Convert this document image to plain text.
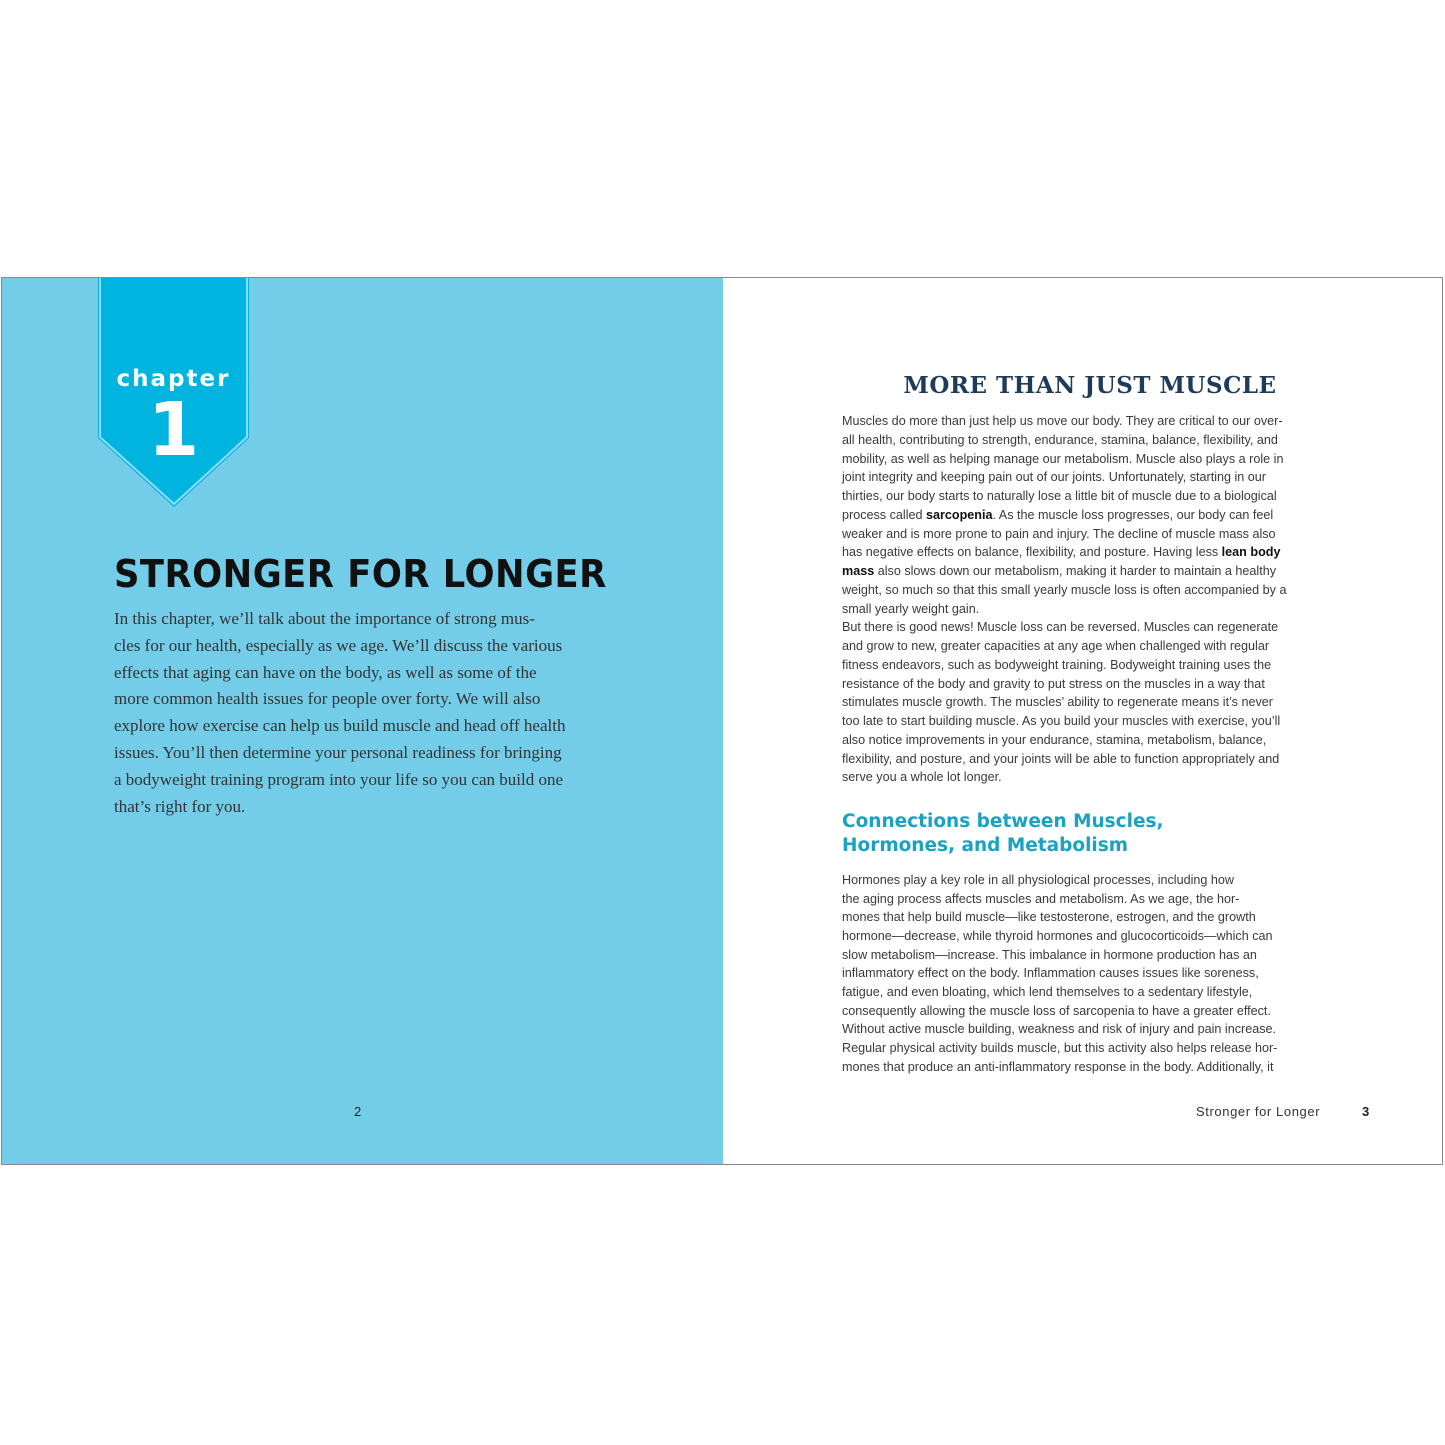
chapter
1
STRONGER FOR LONGER
In this chapter, we’ll talk about the importance of strong mus-
cles for our health, especially as we age. We’ll discuss the various
effects that aging can have on the body, as well as some of the
more common health issues for people over forty. We will also
explore how exercise can help us build muscle and head off health
issues. You’ll then determine your personal readiness for bringing
a bodyweight training program into your life so you can build one
that’s right for you.
2
MORE THAN JUST MUSCLE
Muscles do more than just help us move our body. They are critical to our over-
all health, contributing to strength, endurance, stamina, balance, flexibility, and
mobility, as well as helping manage our metabolism. Muscle also plays a role in
joint integrity and keeping pain out of our joints. Unfortunately, starting in our
thirties, our body starts to naturally lose a little bit of muscle due to a biological
process called sarcopenia. As the muscle loss progresses, our body can feel
weaker and is more prone to pain and injury. The decline of muscle mass also
has negative effects on balance, flexibility, and posture. Having less lean body
mass also slows down our metabolism, making it harder to maintain a healthy
weight, so much so that this small yearly muscle loss is often accompanied by a
small yearly weight gain.
But there is good news! Muscle loss can be reversed. Muscles can regenerate
and grow to new, greater capacities at any age when challenged with regular
fitness endeavors, such as bodyweight training. Bodyweight training uses the
resistance of the body and gravity to put stress on the muscles in a way that
stimulates muscle growth. The muscles’ ability to regenerate means it’s never
too late to start building muscle. As you build your muscles with exercise, you’ll
also notice improvements in your endurance, stamina, metabolism, balance,
flexibility, and posture, and your joints will be able to function appropriately and
serve you a whole lot longer.
Connections between Muscles,
Hormones, and Metabolism
Hormones play a key role in all physiological processes, including how
the aging process affects muscles and metabolism. As we age, the hor-
mones that help build muscle—like testosterone, estrogen, and the growth
hormone—decrease, while thyroid hormones and glucocorticoids—which can
slow metabolism—increase. This imbalance in hormone production has an
inflammatory effect on the body. Inflammation causes issues like soreness,
fatigue, and even bloating, which lend themselves to a sedentary lifestyle,
consequently allowing the muscle loss of sarcopenia to have a greater effect.
Without active muscle building, weakness and risk of injury and pain increase.
Regular physical activity builds muscle, but this activity also helps release hor-
mones that produce an anti-inflammatory response in the body. Additionally, it
Stronger for Longer	3
